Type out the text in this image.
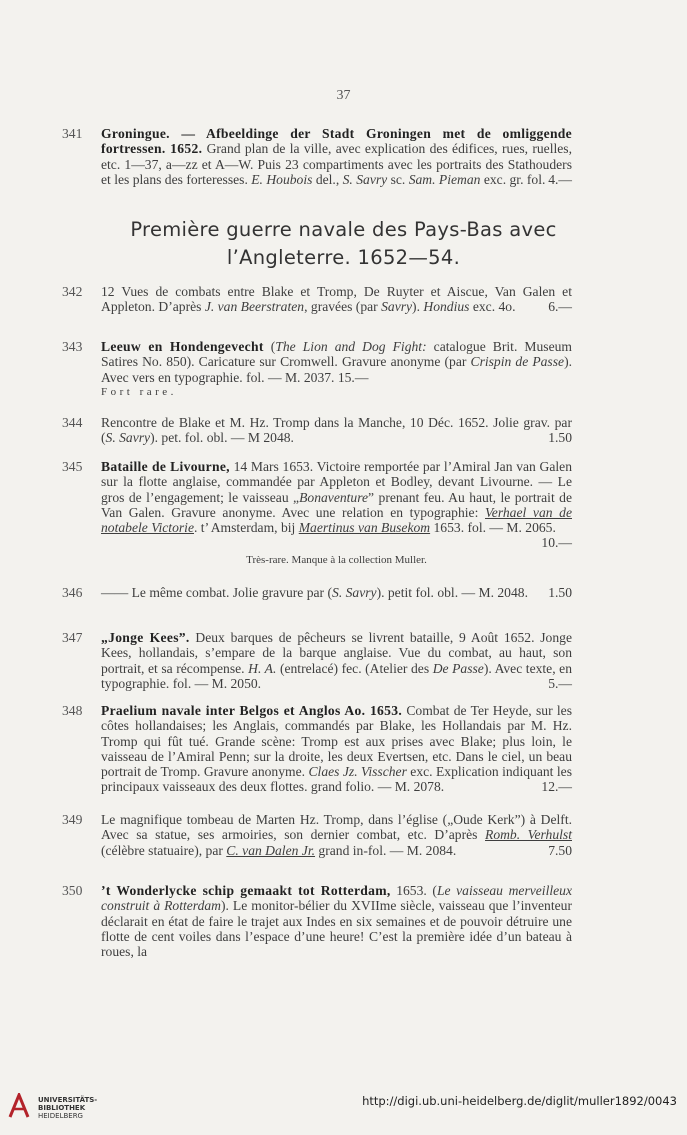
37
341	Groningue. — Afbeeldinge der Stadt Groningen met de omliggende fortressen. 1652. Grand plan de la ville, avec explication des édifices, rues, ruelles, etc. 1—37, a—zz et A—W. Puis 23 compartiments avec les portraits des Stathouders et les plans des forteresses. E. Houbois del., S. Savry sc. Sam. Pieman exc. gr. fol. 4.—
Première guerre navale des Pays-Bas avec
l’Angleterre. 1652—54.
342	12 Vues de combats entre Blake et Tromp, De Ruyter et Aiscue, Van Galen et Appleton. D’après J. van Beerstraten, gravées (par Savry). Hondius exc. 4o. 6.—
343	Leeuw en Hondengevecht (The Lion and Dog Fight: catalogue Brit. Museum Satires No. 850). Caricature sur Cromwell. Gravure anonyme (par Crispin de Passe). Avec vers en typographie. fol. — M. 2037. 15.—
Fort rare.
344	Rencontre de Blake et M. Hz. Tromp dans la Manche, 10 Déc. 1652. Jolie grav. par (S. Savry). pet. fol. obl. — M 2048.	1.50
345	Bataille de Livourne, 14 Mars 1653. Victoire remportée par l’Amiral Jan van Galen sur la flotte anglaise, commandée par Appleton et Bodley, devant Livourne. — Le gros de l’engagement; le vaisseau „Bonaventure” prenant feu. Au haut, le portrait de Van Galen. Gravure anonyme. Avec une relation en typographie: Verhael van de notabele Victorie. t’ Amsterdam, bij Maertinus van Busekom 1653. fol. — M. 2065.
10.—
Très-rare. Manque à la collection Muller.
346	—— Le même combat. Jolie gravure par (S. Savry). petit fol. obl. — M. 2048. 1.50
347	„Jonge Kees”. Deux barques de pêcheurs se livrent bataille, 9 Août 1652. Jonge Kees, hollandais, s’empare de la barque anglaise. Vue du combat, au haut, son portrait, et sa récompense. H. A. (entrelacé) fec. (Atelier des De Passe). Avec texte, en typographie. fol. — M. 2050.	5.—
348	Praelium navale inter Belgos et Anglos Ao. 1653. Combat de Ter Heyde, sur les côtes hollandaises; les Anglais, commandés par Blake, les Hollandais par M. Hz. Tromp qui fût tué. Grande scène: Tromp est aux prises avec Blake; plus loin, le vaisseau de l’Amiral Penn; sur la droite, les deux Evertsen, etc. Dans le ciel, un beau portrait de Tromp. Gravure anonyme. Claes Jz. Visscher exc. Explication indiquant les principaux vaisseaux des deux flottes. grand folio. — M. 2078.	12.—
349	Le magnifique tombeau de Marten Hz. Tromp, dans l’église („Oude Kerk”) à Delft. Avec sa statue, ses armoiries, son dernier combat, etc. D’après Romb. Verhulst (célèbre statuaire), par C. van Dalen Jr. grand in-fol. — M. 2084.	7.50
350	’t Wonderlycke schip gemaakt tot Rotterdam, 1653. (Le vaisseau merveilleux construit à Rotterdam). Le monitor-bélier du XVIIme siècle, vaisseau que l’inventeur déclarait en état de faire le trajet aux Indes en six semaines et de pouvoir détruire une flotte de cent voiles dans l’espace d’une heure! C’est la première idée d’un bateau à roues, la
UNIVERSITÄTS-
BIBLIOTHEK
HEIDELBERG
http://digi.ub.uni-heidelberg.de/diglit/muller1892/0043
